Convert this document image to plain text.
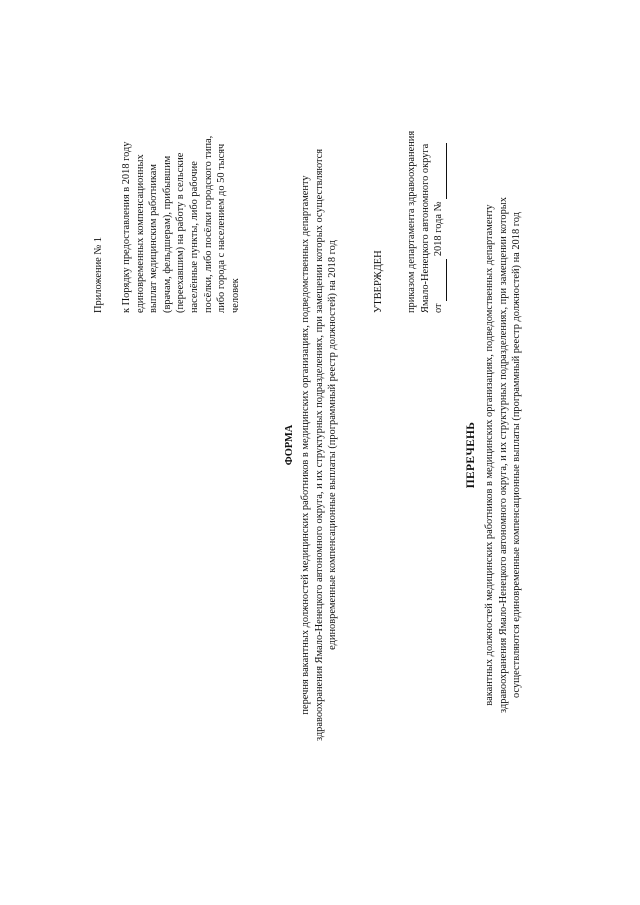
Приложение № 1 к Порядку предоставления в 2018 году единовременных компенсационных выплат медицинским работникам (врачам, фельдшерам), прибывшим (переехавшим) на работу в сельские населённые пункты, либо рабочие посёлки, либо посёлки городского типа, либо города с населением до 50 тысяч человек
ФОРМА перечня вакантных должностей медицинских работников в медицинских организациях, подведомственных департаменту здравоохранения Ямало-Ненецкого автономного округа, и их структурных подразделениях, при замещении которых осуществляются единовременные компенсационные выплаты (программный реестр должностей) на 2018 год	УТВЕРЖДЕН приказом департамента здравоохранения Ямало-Ненецкого автономного округа от   2018 года №
ПЕРЕЧЕНЬ вакантных должностей медицинских работников в медицинских организациях, подведомственных департаменту здравоохранения Ямало-Ненецкого автономного округа, и их структурных подразделениях, при замещении которых осуществляются единовременные компенсационные выплаты (программный реестр должностей) на 2018 год
